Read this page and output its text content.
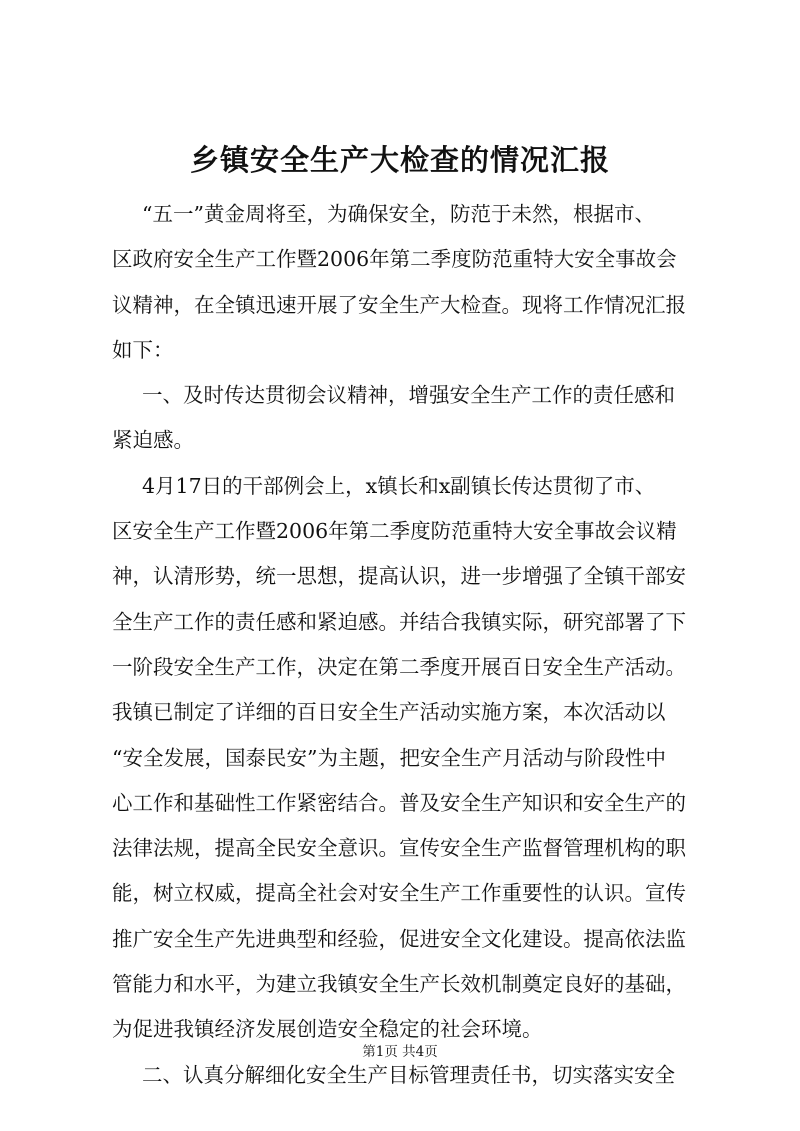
乡镇安全生产大检查的情况汇报
“五一”黄金周将至，为确保安全，防范于未然，根据市、
区政府安全生产工作暨2006年第二季度防范重特大安全事故会
议精神，在全镇迅速开展了安全生产大检查。现将工作情况汇报
如下：
一、及时传达贯彻会议精神，增强安全生产工作的责任感和
紧迫感。
4月17日的干部例会上，x镇长和x副镇长传达贯彻了市、
区安全生产工作暨2006年第二季度防范重特大安全事故会议精
神，认清形势，统一思想，提高认识，进一步增强了全镇干部安
全生产工作的责任感和紧迫感。并结合我镇实际，研究部署了下
一阶段安全生产工作，决定在第二季度开展百日安全生产活动。
我镇已制定了详细的百日安全生产活动实施方案，本次活动以
“安全发展，国泰民安”为主题，把安全生产月活动与阶段性中
心工作和基础性工作紧密结合。普及安全生产知识和安全生产的
法律法规，提高全民安全意识。宣传安全生产监督管理机构的职
能，树立权威，提高全社会对安全生产工作重要性的认识。宣传
推广安全生产先进典型和经验，促进安全文化建设。提高依法监
管能力和水平，为建立我镇安全生产长效机制奠定良好的基础，
为促进我镇经济发展创造安全稳定的社会环境。
二、认真分解细化安全生产目标管理责任书，切实落实安全
第1页 共4页
